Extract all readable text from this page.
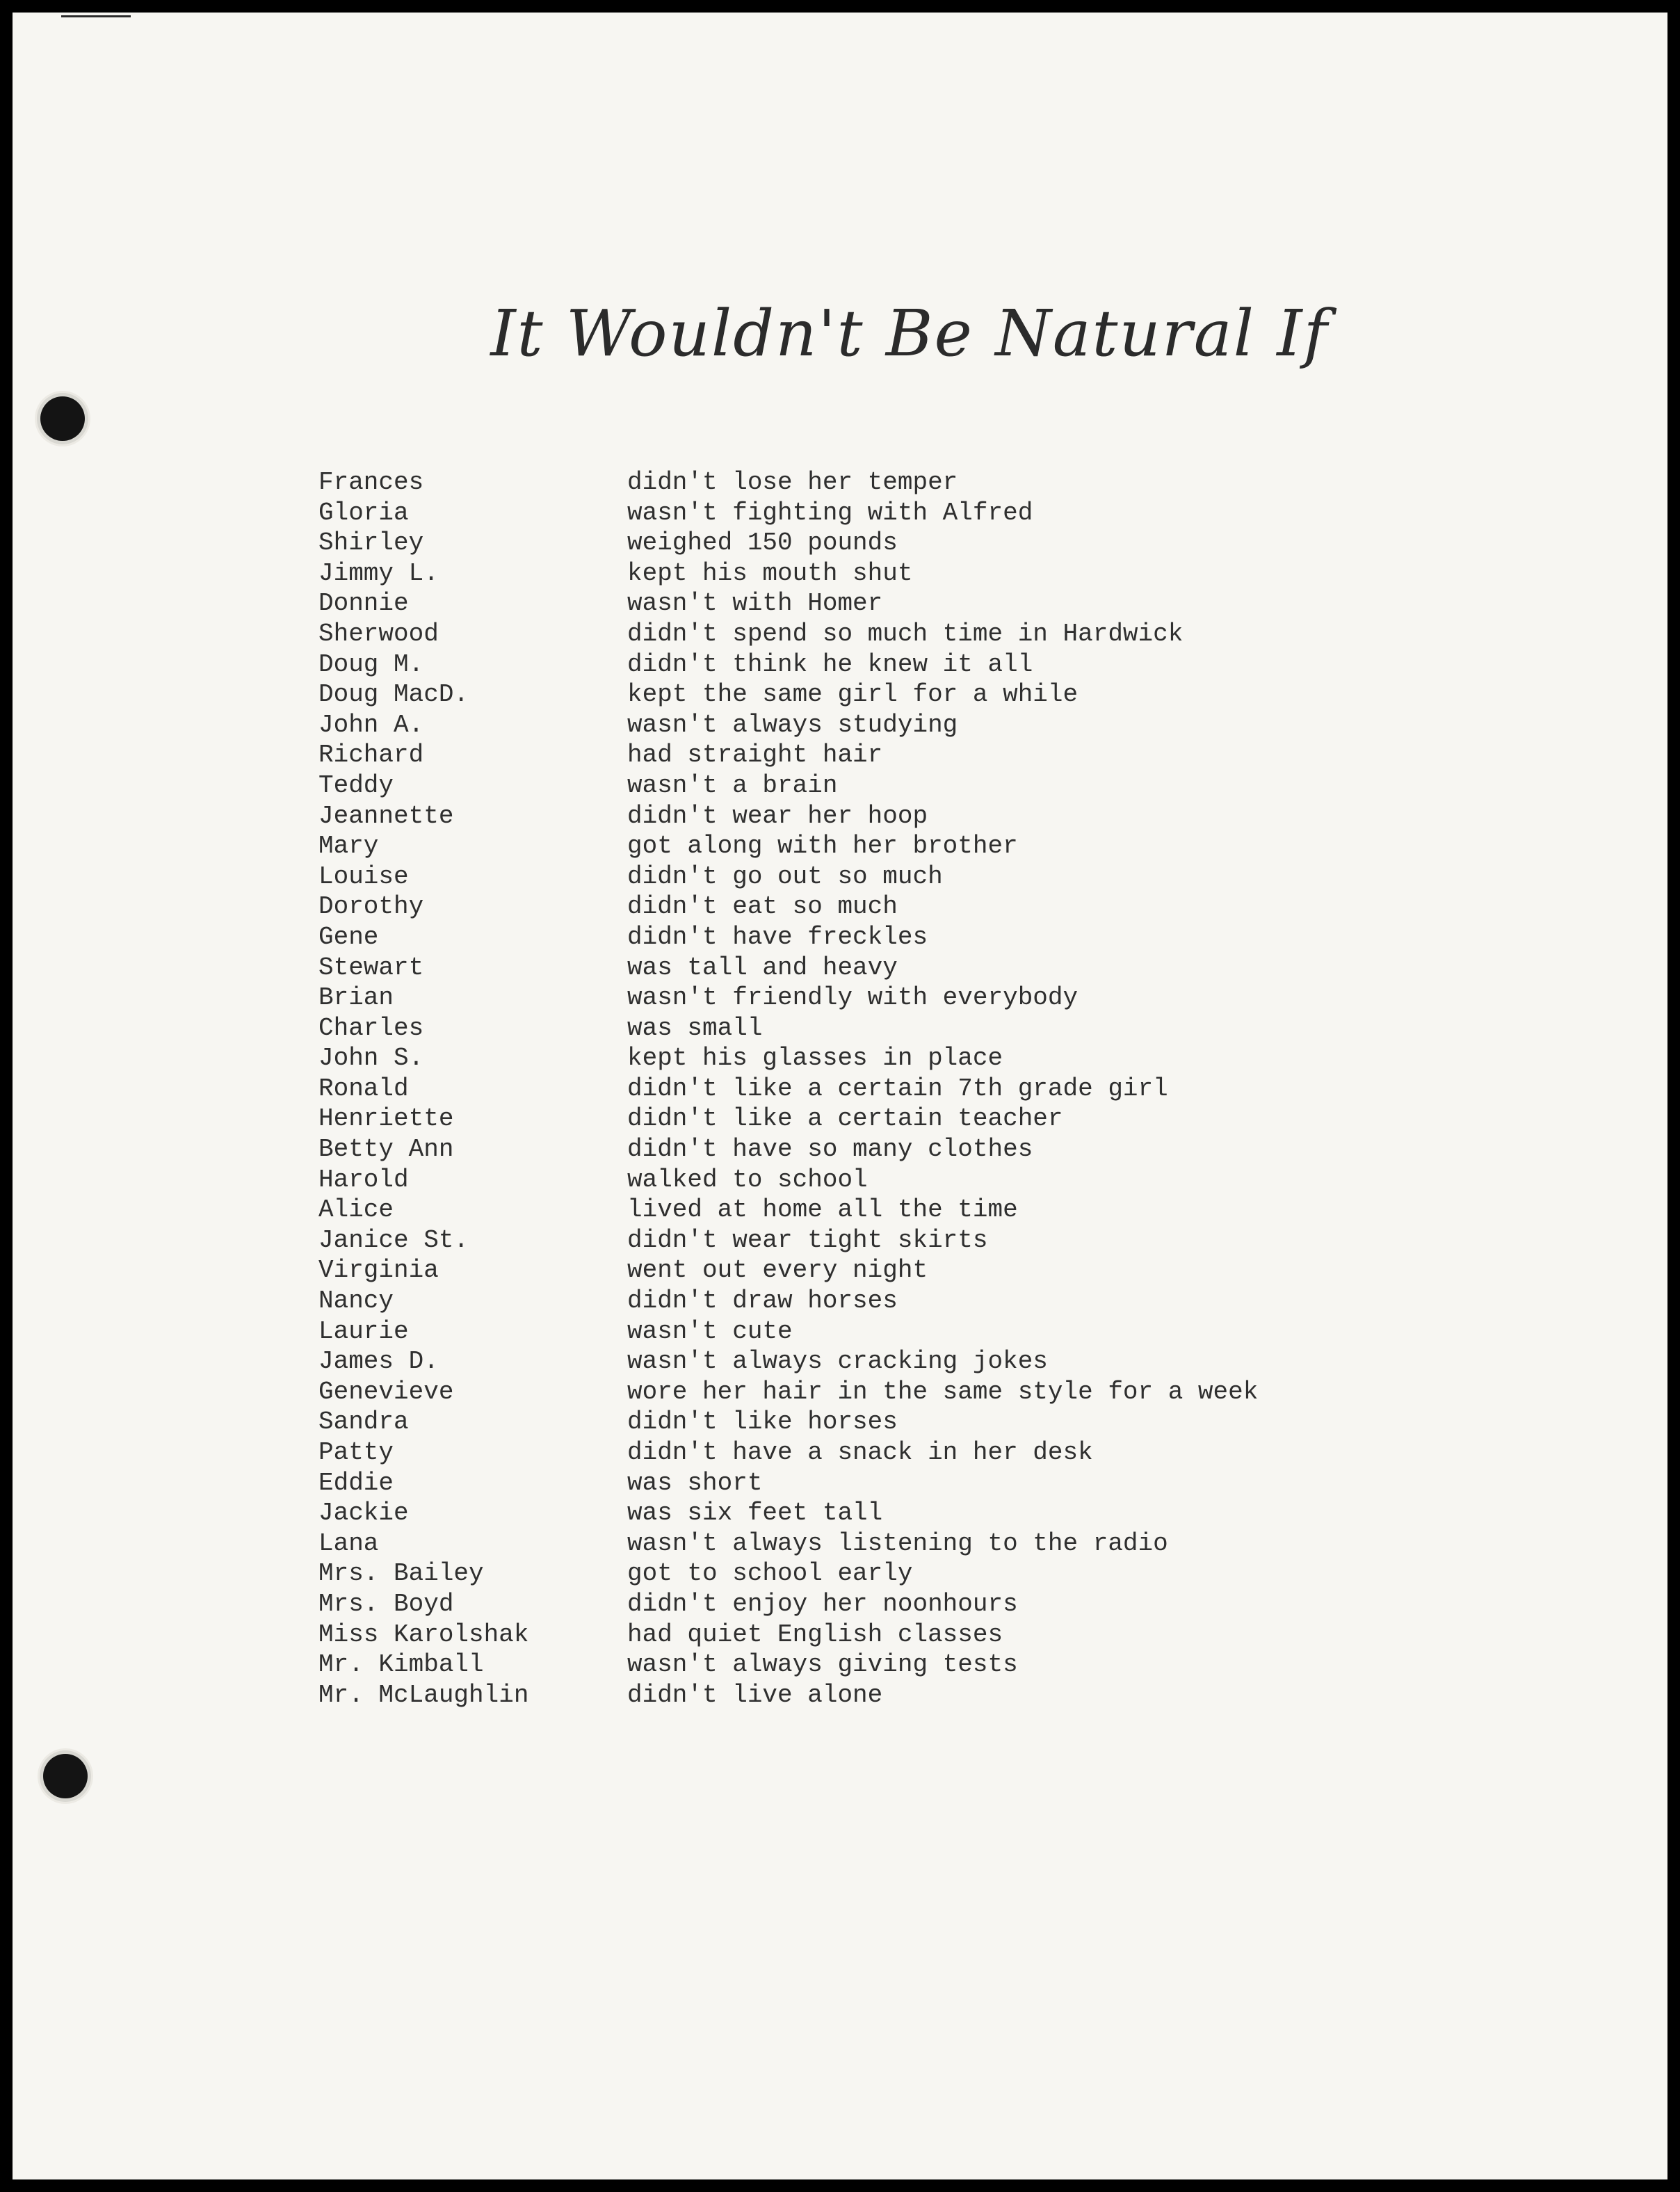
It Wouldn't Be Natural If
Frances	didn't lose her temper
Gloria	wasn't fighting with Alfred
Shirley	weighed 150 pounds
Jimmy L.	kept his mouth shut
Donnie	wasn't with Homer
Sherwood	didn't spend so much time in Hardwick
Doug M.	didn't think he knew it all
Doug MacD.	kept the same girl for a while
John A.	wasn't always studying
Richard	had straight hair
Teddy	wasn't a brain
Jeannette	didn't wear her hoop
Mary	got along with her brother
Louise	didn't go out so much
Dorothy	didn't eat so much
Gene	didn't have freckles
Stewart	was tall and heavy
Brian	wasn't friendly with everybody
Charles	was small
John S.	kept his glasses in place
Ronald	didn't like a certain 7th grade girl
Henriette	didn't like a certain teacher
Betty Ann	didn't have so many clothes
Harold	walked to school
Alice	lived at home all the time
Janice St.	didn't wear tight skirts
Virginia	went out every night
Nancy	didn't draw horses
Laurie	wasn't cute
James D.	wasn't always cracking jokes
Genevieve	wore her hair in the same style for a week
Sandra	didn't like horses
Patty	didn't have a snack in her desk
Eddie	was short
Jackie	was six feet tall
Lana	wasn't always listening to the radio
Mrs. Bailey	got to school early
Mrs. Boyd	didn't enjoy her noonhours
Miss Karolshak	had quiet English classes
Mr. Kimball	wasn't always giving tests
Mr. McLaughlin	didn't live alone
